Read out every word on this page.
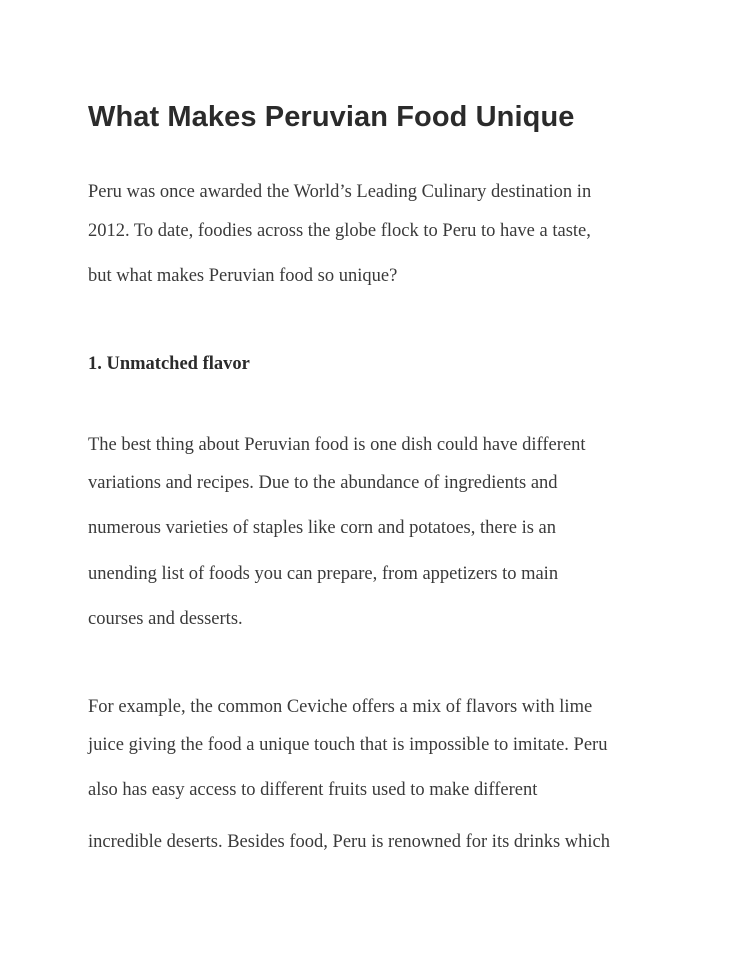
What Makes Peruvian Food Unique

Peru was once awarded the World’s Leading Culinary destination in

2012. To date, foodies across the globe flock to Peru to have a taste,

but what makes Peruvian food so unique?

1. Unmatched flavor

The best thing about Peruvian food is one dish could have different

variations and recipes. Due to the abundance of ingredients and

numerous varieties of staples like corn and potatoes, there is an

unending list of foods you can prepare, from appetizers to main

courses and desserts.

For example, the common Ceviche offers a mix of flavors with lime

juice giving the food a unique touch that is impossible to imitate. Peru

also has easy access to different fruits used to make different

incredible deserts. Besides food, Peru is renowned for its drinks which
